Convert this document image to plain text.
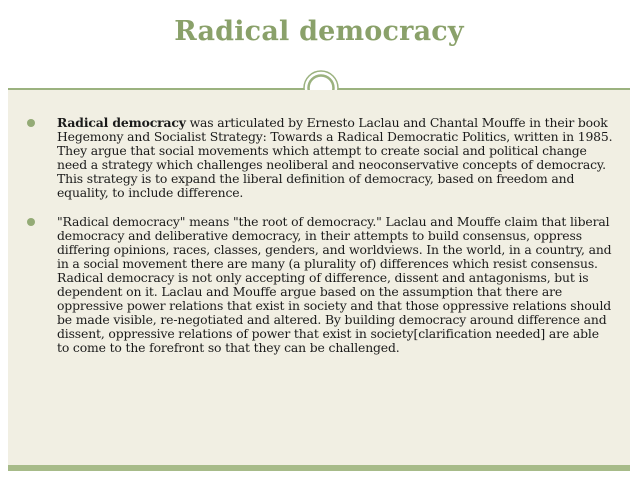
Radical democracy
Radical democracy was articulated by Ernesto Laclau and Chantal Mouffe in their book Hegemony and Socialist Strategy: Towards a Radical Democratic Politics, written in 1985. They argue that social movements which attempt to create social and political change need a strategy which challenges neoliberal and neoconservative concepts of democracy. This strategy is to expand the liberal definition of democracy, based on freedom and equality, to include difference.
"Radical democracy" means "the root of democracy." Laclau and Mouffe claim that liberal democracy and deliberative democracy, in their attempts to build consensus, oppress differing opinions, races, classes, genders, and worldviews. In the world, in a country, and in a social movement there are many (a plurality of) differences which resist consensus. Radical democracy is not only accepting of difference, dissent and antagonisms, but is dependent on it. Laclau and Mouffe argue based on the assumption that there are oppressive power relations that exist in society and that those oppressive relations should be made visible, re-negotiated and altered. By building democracy around difference and dissent, oppressive relations of power that exist in society[clarification needed] are able to come to the forefront so that they can be challenged.
